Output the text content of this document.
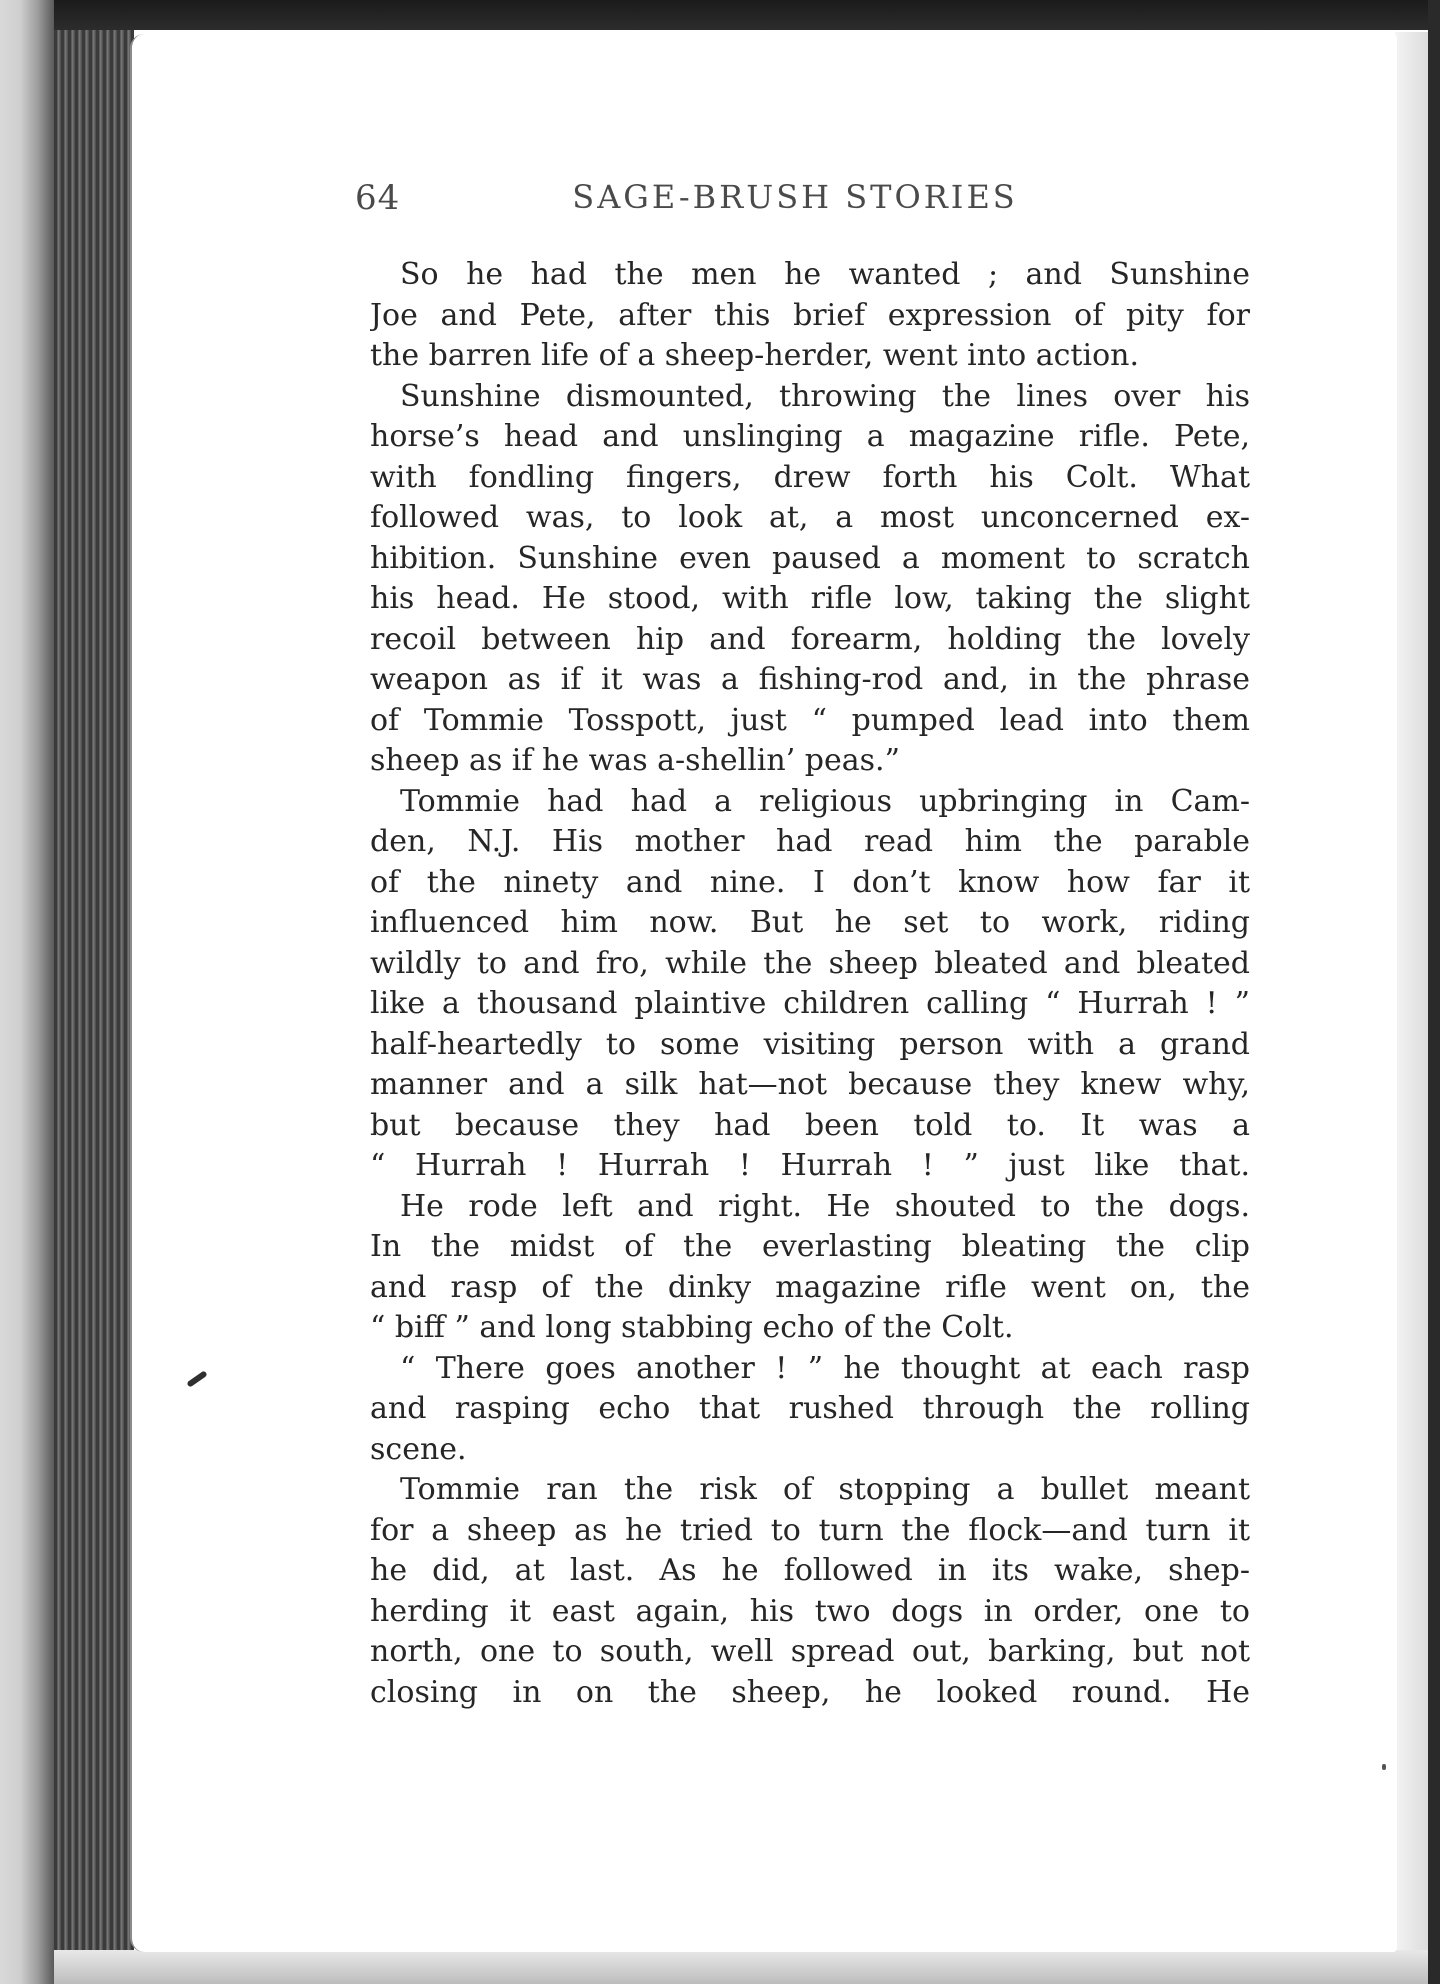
64	SAGE-BRUSH STORIES
So he had the men he wanted ; and Sunshine
Joe and Pete, after this brief expression of pity for
the barren life of a sheep-herder, went into action.
Sunshine dismounted, throwing the lines over his
horse’s head and unslinging a magazine rifle. Pete,
with fondling fingers, drew forth his Colt. What
followed was, to look at, a most unconcerned ex-
hibition. Sunshine even paused a moment to scratch
his head. He stood, with rifle low, taking the slight
recoil between hip and forearm, holding the lovely
weapon as if it was a fishing-rod and, in the phrase
of Tommie Tosspott, just “ pumped lead into them
sheep as if he was a-shellin’ peas.”
Tommie had had a religious upbringing in Cam-
den, N.J. His mother had read him the parable
of the ninety and nine. I don’t know how far it
influenced him now. But he set to work, riding
wildly to and fro, while the sheep bleated and bleated
like a thousand plaintive children calling “ Hurrah ! ”
half-heartedly to some visiting person with a grand
manner and a silk hat—not because they knew why,
but because they had been told to. It was a
“ Hurrah ! Hurrah ! Hurrah ! ” just like that.
He rode left and right. He shouted to the dogs.
In the midst of the everlasting bleating the clip
and rasp of the dinky magazine rifle went on, the
“ biff ” and long stabbing echo of the Colt.
“ There goes another ! ” he thought at each rasp
and rasping echo that rushed through the rolling
scene.
Tommie ran the risk of stopping a bullet meant
for a sheep as he tried to turn the flock—and turn it
he did, at last. As he followed in its wake, shep-
herding it east again, his two dogs in order, one to
north, one to south, well spread out, barking, but not
closing in on the sheep, he looked round. He
